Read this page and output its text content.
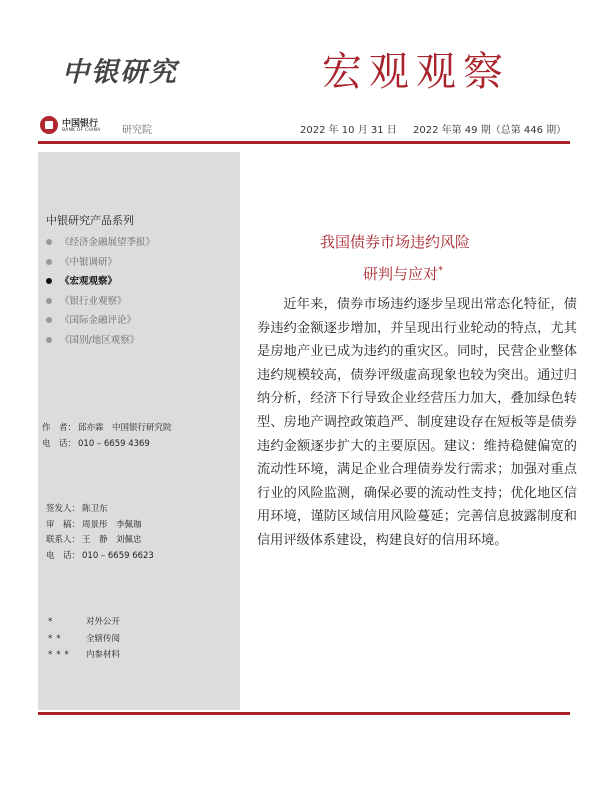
中银研究	宏观观察
中国银行
BANK OF CHINA 研究院	2022 年 10 月 31 日 2022 年第 49 期（总第 446 期）
中银研究产品系列
《经济金融展望季报》
《中银调研》
《宏观观察》
《银行业观察》
《国际金融评论》
《国别/地区观察》
作　者： 邱亦霖　中国银行研究院
电　话： 010 – 6659 4369
签发人： 陈卫东
审　稿： 周景彤　李佩珈
联系人： 王　静　刘佩忠
电　话： 010 – 6659 6623
*	对外公开
**	全辖传阅
*** 内参材料
我国债券市场违约风险
研判与应对*

近年来，债券市场违约逐步呈现出常态化特征，债券违约金额逐步增加，并呈现出行业轮动的特点，尤其是房地产业已成为违约的重灾区。同时，民营企业整体违约规模较高，债券评级虚高现象也较为突出。通过归纳分析，经济下行导致企业经营压力加大，叠加绿色转型、房地产调控政策趋严、制度建设存在短板等是债券违约金额逐步扩大的主要原因。建议：维持稳健偏宽的流动性环境，满足企业合理债券发行需求；加强对重点行业的风险监测，确保必要的流动性支持；优化地区信用环境，谨防区域信用风险蔓延；完善信息披露制度和信用评级体系建设，构建良好的信用环境。
